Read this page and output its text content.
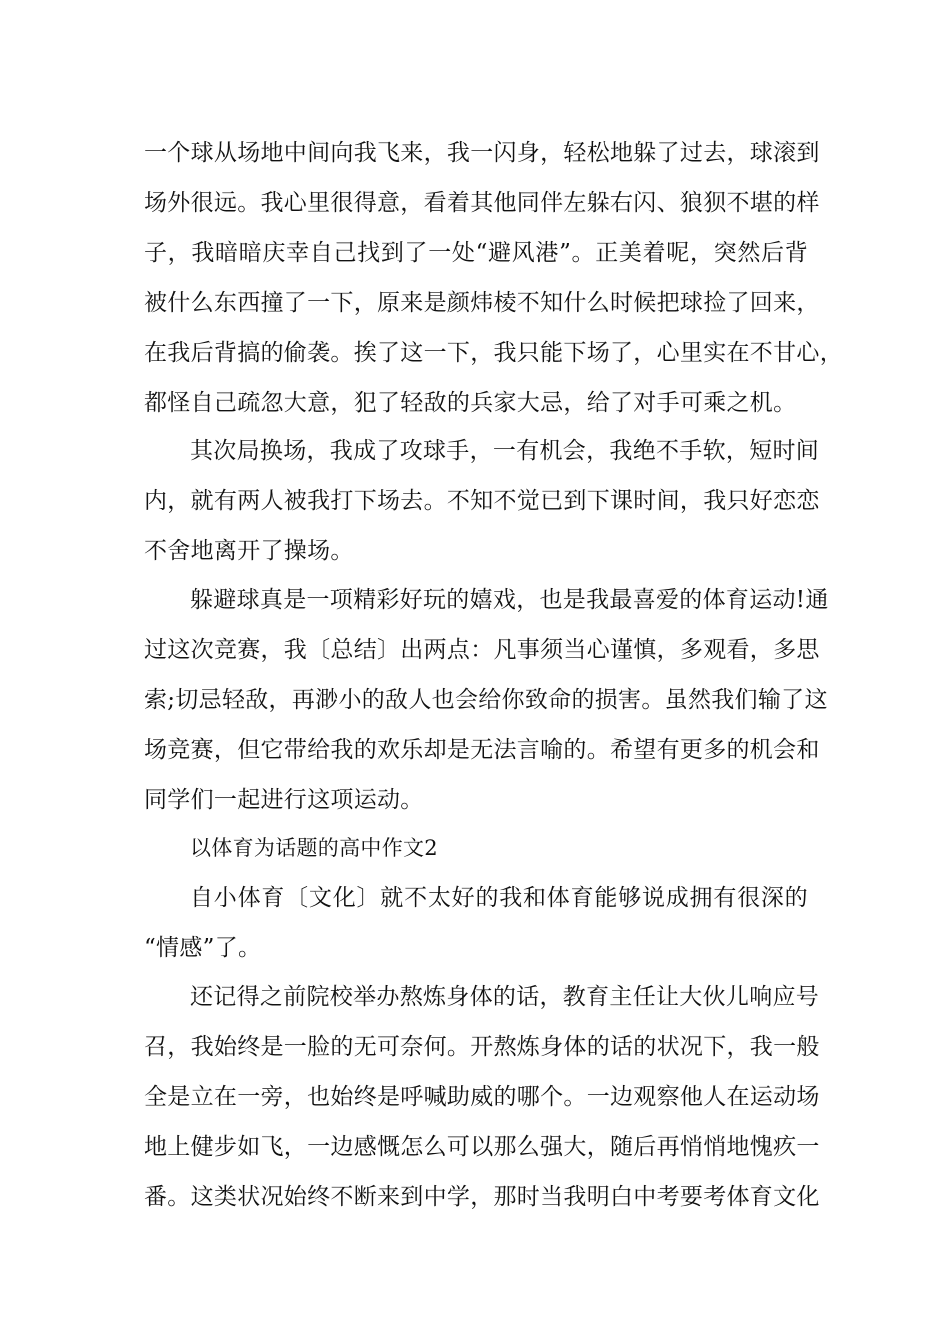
一个球从场地中间向我飞来，我一闪身，轻松地躲了过去，球滚到
场外很远。我心里很得意，看着其他同伴左躲右闪、狼狈不堪的样
子，我暗暗庆幸自己找到了一处“避风港”。正美着呢，突然后背
被什么东西撞了一下，原来是颜炜棱不知什么时候把球捡了回来，
在我后背搞的偷袭。挨了这一下，我只能下场了，心里实在不甘心，
都怪自己疏忽大意，犯了轻敌的兵家大忌，给了对手可乘之机。
其次局换场，我成了攻球手，一有机会，我绝不手软，短时间
内，就有两人被我打下场去。不知不觉已到下课时间，我只好恋恋
不舍地离开了操场。
躲避球真是一项精彩好玩的嬉戏，也是我最喜爱的体育运动!通
过这次竞赛，我〔总结〕出两点：凡事须当心谨慎，多观看，多思
索;切忌轻敌，再渺小的敌人也会给你致命的损害。虽然我们输了这
场竞赛，但它带给我的欢乐却是无法言喻的。希望有更多的机会和
同学们一起进行这项运动。
以体育为话题的高中作文2
自小体育〔文化〕就不太好的我和体育能够说成拥有很深的
“情感”了。
还记得之前院校举办熬炼身体的话，教育主任让大伙儿响应号
召，我始终是一脸的无可奈何。开熬炼身体的话的状况下，我一般
全是立在一旁，也始终是呼喊助威的哪个。一边观察他人在运动场
地上健步如飞，一边感慨怎么可以那么强大，随后再悄悄地愧疚一
番。这类状况始终不断来到中学，那时当我明白中考要考体育文化
